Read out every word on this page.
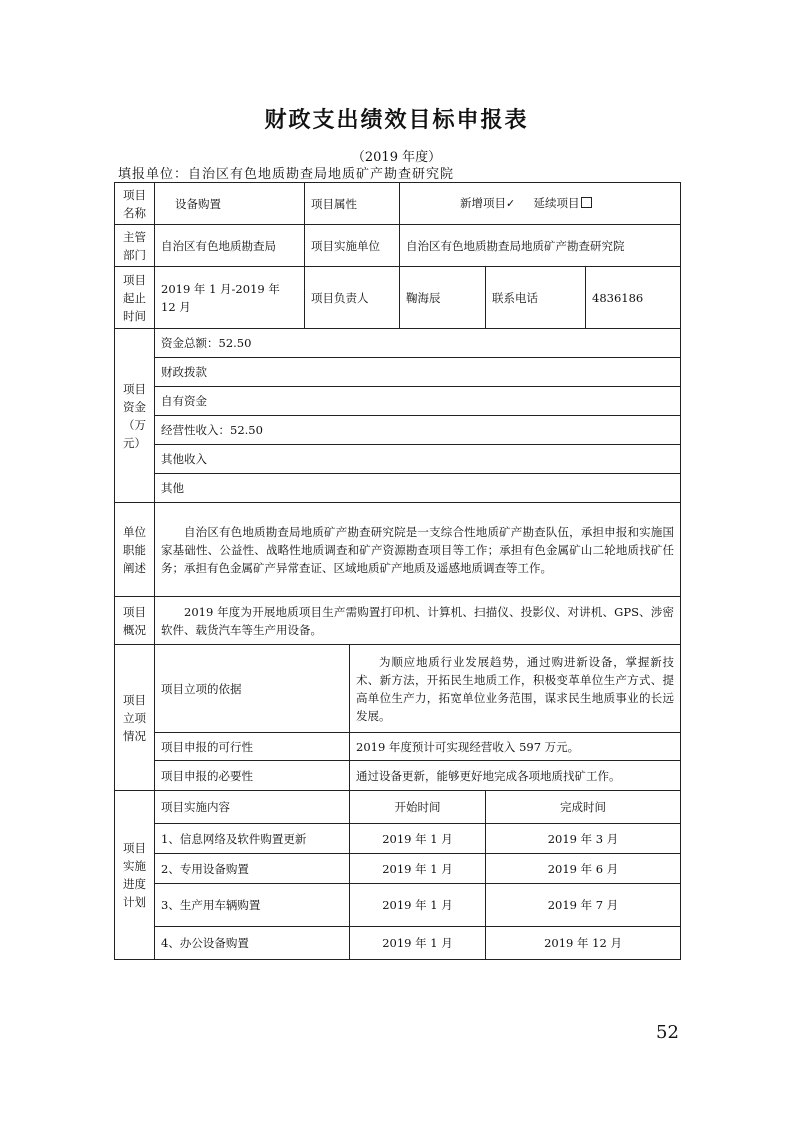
财政支出绩效目标申报表
（2019 年度）
填报单位：自治区有色地质勘查局地质矿产勘查研究院
项目名称	设备购置	项目属性		新增项目✓ 延续项目		
主管部门	自治区有色地质勘查局	项目实施单位		自治区有色地质勘查局地质矿产勘查研究院		
项目起止时间	2019 年 1 月-2019 年 12 月	项目负责人		鞠海辰	联系电话	4836186
项目资金（万元）	资金总额：52.50					
	财政拨款					
	自有资金					
	经营性收入：52.50					
	其他收入					
	其他					
单位职能阐述	自治区有色地质勘查局地质矿产勘查研究院是一支综合性地质矿产勘查队伍，承担申报和实施国家基础性、公益性、战略性地质调查和矿产资源勘查项目等工作；承担有色金属矿山二轮地质找矿任务；承担有色金属矿产异常查证、区域地质矿产地质及遥感地质调查等工作。					
项目概况	2019 年度为开展地质项目生产需购置打印机、计算机、扫描仪、投影仪、对讲机、GPS、涉密软件、载货汽车等生产用设备。					
项目立项情况	项目立项的依据		为顺应地质行业发展趋势，通过购进新设备，掌握新技术、新方法，开拓民生地质工作，积极变革单位生产方式、提高单位生产力，拓宽单位业务范围，谋求民生地质事业的长远发展。			
	项目申报的可行性		2019 年度预计可实现经营收入 597 万元。			
	项目申报的必要性		通过设备更新，能够更好地完成各项地质找矿工作。			
项目实施进度计划	项目实施内容		开始时间		完成时间	
	1、信息网络及软件购置更新		2019 年 1 月		2019 年 3 月	
	2、专用设备购置		2019 年 1 月		2019 年 6 月	
	3、生产用车辆购置		2019 年 1 月		2019 年 7 月	
	4、办公设备购置		2019 年 1 月		2019 年 12 月	
52
